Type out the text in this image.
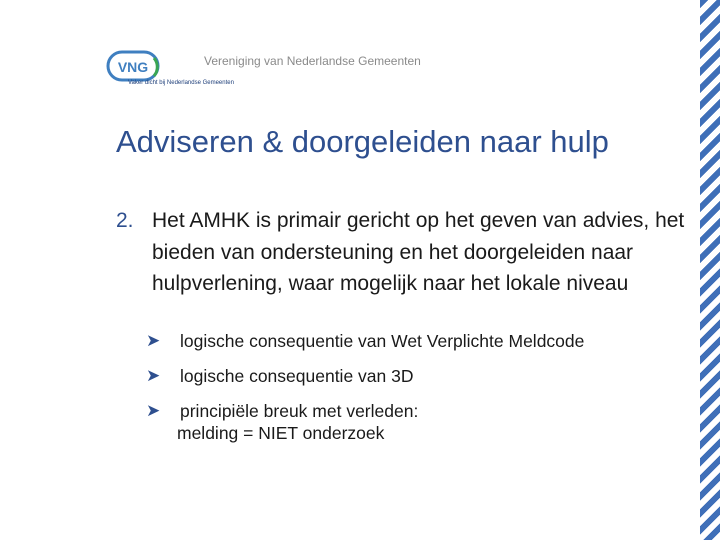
VNG
Vaker dicht bij Nederlandse Gemeenten
Vereniging van Nederlandse Gemeenten
Adviseren & doorgeleiden naar hulp
2. Het AMHK is primair gericht op het geven van advies, het bieden van ondersteuning en het doorgeleiden naar hulpverlening, waar mogelijk naar het lokale niveau
➤ logische consequentie van Wet Verplichte Meldcode
➤ logische consequentie van 3D
➤ principiële breuk met verleden:
melding = NIET onderzoek
